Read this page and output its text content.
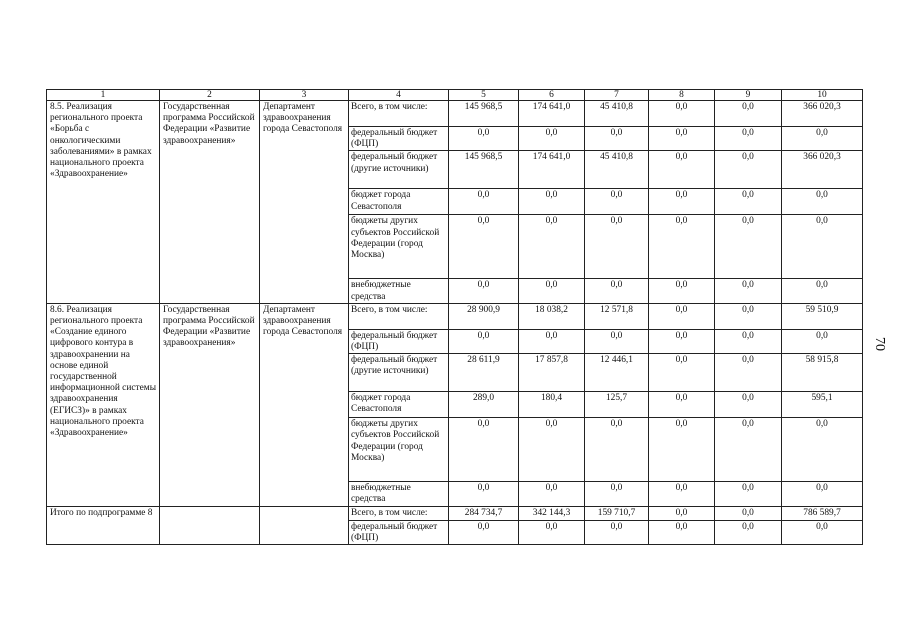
1	2	3	4	5	6	7	8	9	10
8.5. Реализация регионального проекта «Борьба с онкологическими заболеваниями» в рамках национального проекта «Здравоохранение»	Государственная программа Российской Федерации «Развитие здравоохранения»	Департамент здравоохранения города Севастополя	Всего, в том числе:	145 968,5	174 641,0	45 410,8	0,0	0,0	366 020,3
			федеральный бюджет (ФЦП)	0,0	0,0	0,0	0,0	0,0	0,0
			федеральный бюджет (другие источники)	145 968,5	174 641,0	45 410,8	0,0	0,0	366 020,3
			бюджет города Севастополя	0,0	0,0	0,0	0,0	0,0	0,0
			бюджеты других субъектов Российской Федерации (город Москва)	0,0	0,0	0,0	0,0	0,0	0,0
			внебюджетные средства	0,0	0,0	0,0	0,0	0,0	0,0
8.6. Реализация регионального проекта «Создание единого цифрового контура в здравоохранении на основе единой государственной информационной системы здравоохранения (ЕГИСЗ)» в рамках национального проекта «Здравоохранение»	Государственная программа Российской Федерации «Развитие здравоохранения»	Департамент здравоохранения города Севастополя	Всего, в том числе:	28 900,9	18 038,2	12 571,8	0,0	0,0	59 510,9
			федеральный бюджет (ФЦП)	0,0	0,0	0,0	0,0	0,0	0,0
			федеральный бюджет (другие источники)	28 611,9	17 857,8	12 446,1	0,0	0,0	58 915,8
			бюджет города Севастополя	289,0	180,4	125,7	0,0	0,0	595,1
			бюджеты других субъектов Российской Федерации (город Москва)	0,0	0,0	0,0	0,0	0,0	0,0
			внебюджетные средства	0,0	0,0	0,0	0,0	0,0	0,0
Итого по подпрограмме 8			Всего, в том числе:	284 734,7	342 144,3	159 710,7	0,0	0,0	786 589,7
			федеральный бюджет (ФЦП)	0,0	0,0	0,0	0,0	0,0	0,0
70
